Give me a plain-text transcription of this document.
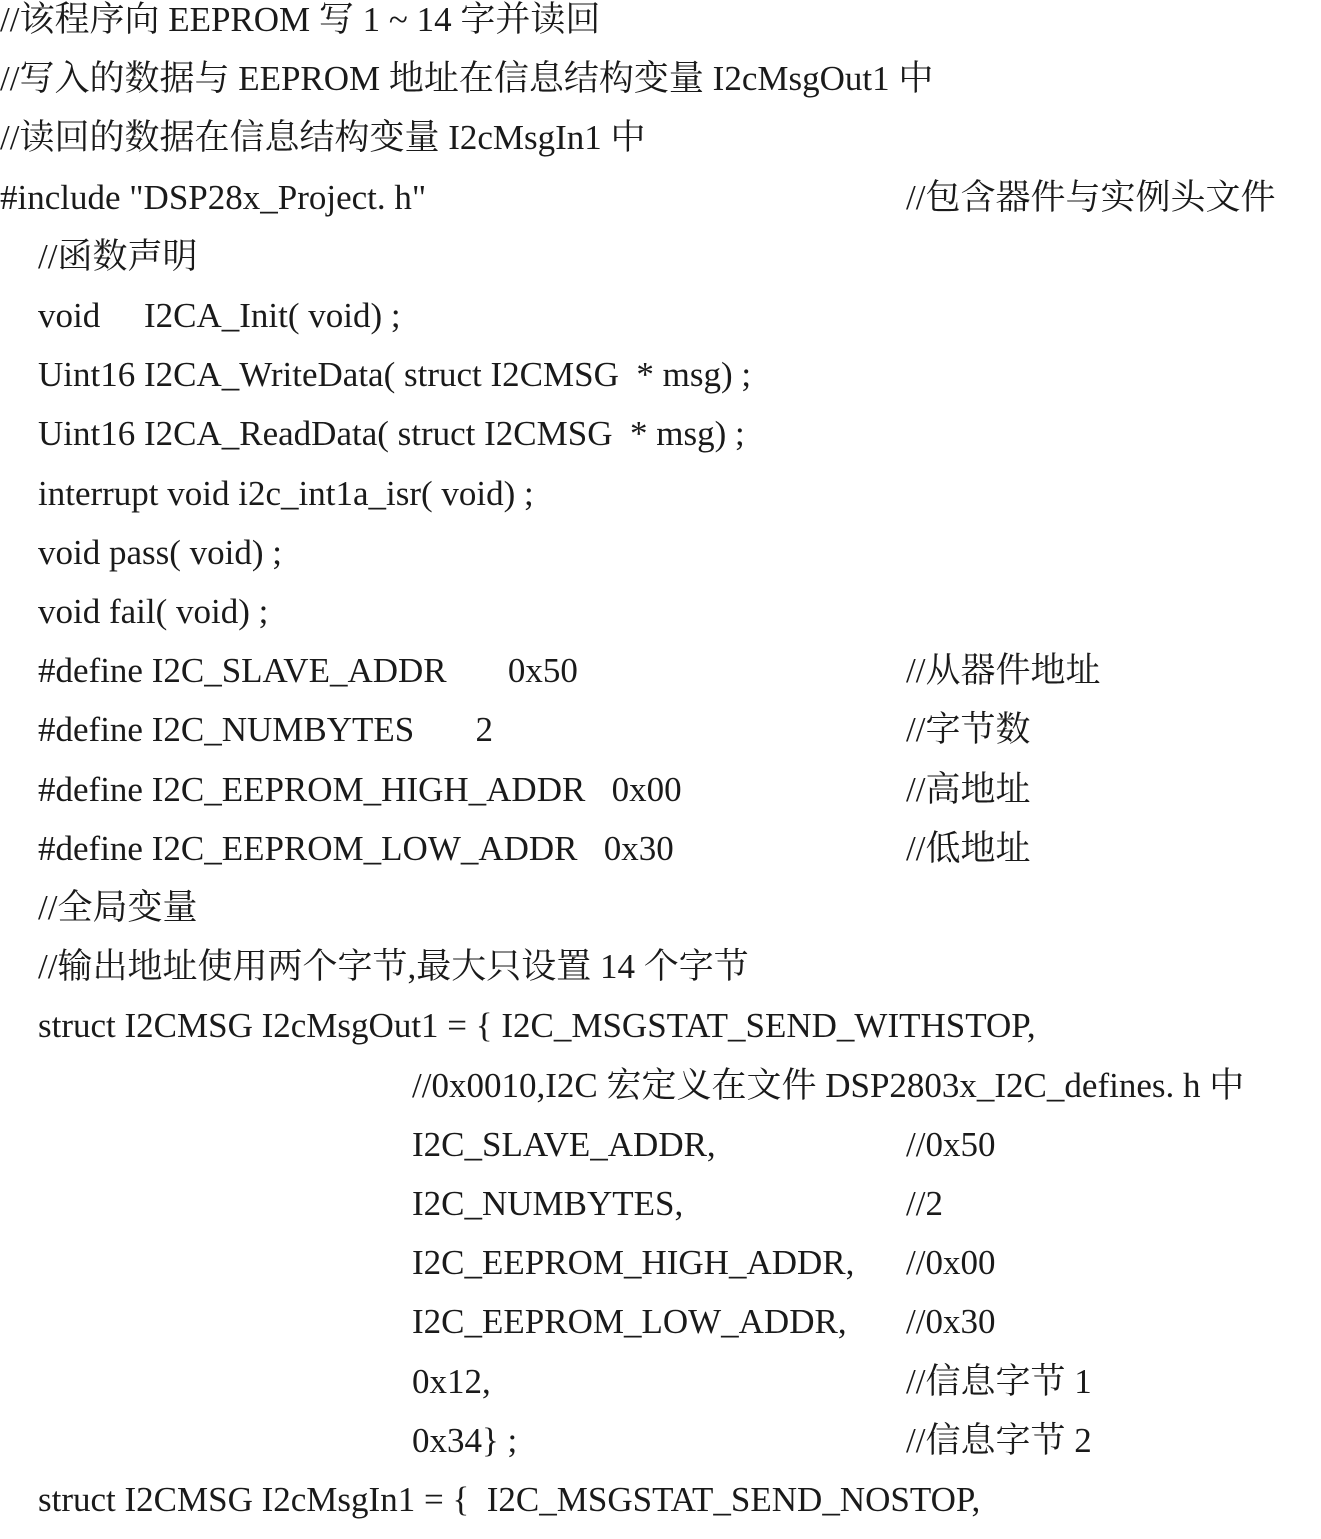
//该程序向 EEPROM 写 1 ~ 14 字并读回
//写入的数据与 EEPROM 地址在信息结构变量 I2cMsgOut1 中
//读回的数据在信息结构变量 I2cMsgIn1 中
#include "DSP28x_Project. h"	//包含器件与实例头文件
//函数声明
void     I2CA_Init( void) ;
Uint16 I2CA_WriteData( struct I2CMSG  * msg) ;
Uint16 I2CA_ReadData( struct I2CMSG  * msg) ;
interrupt void i2c_int1a_isr( void) ;
void pass( void) ;
void fail( void) ;
#define I2C_SLAVE_ADDR       0x50	//从器件地址
#define I2C_NUMBYTES       2	//字节数
#define I2C_EEPROM_HIGH_ADDR   0x00	//高地址
#define I2C_EEPROM_LOW_ADDR   0x30	//低地址
//全局变量
//输出地址使用两个字节,最大只设置 14 个字节
struct I2CMSG I2cMsgOut1 = { I2C_MSGSTAT_SEND_WITHSTOP,
//0x0010,I2C 宏定义在文件 DSP2803x_I2C_defines. h 中
I2C_SLAVE_ADDR,	//0x50
I2C_NUMBYTES,	//2
I2C_EEPROM_HIGH_ADDR, //0x00
I2C_EEPROM_LOW_ADDR, //0x30
0x12,	//信息字节 1
0x34} ;	//信息字节 2
struct I2CMSG I2cMsgIn1 = {  I2C_MSGSTAT_SEND_NOSTOP,
